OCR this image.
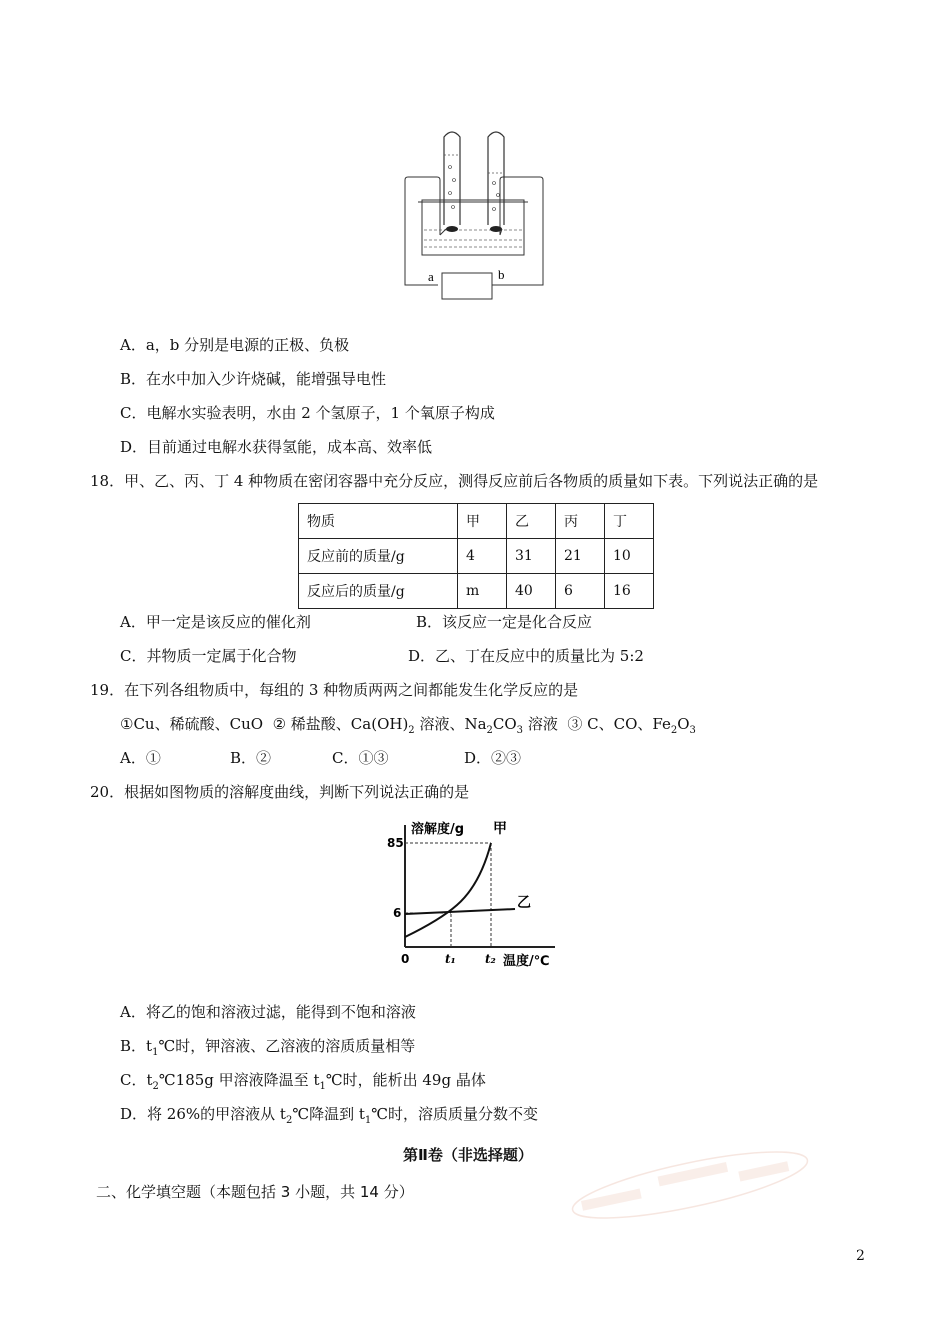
a	b
A．a，b 分别是电源的正极、负极
B．在水中加入少许烧碱，能增强导电性
C．电解水实验表明，水由 2 个氢原子，1 个氧原子构成
D．目前通过电解水获得氢能，成本高、效率低
18．甲、乙、丙、丁 4 种物质在密闭容器中充分反应，测得反应前后各物质的质量如下表。下列说法正确的是
物质	甲	乙	丙	丁
反应前的质量/g	4	31	21	10
反应后的质量/g	m	40	6	16
A．甲一定是该反应的催化剂	B．该反应一定是化合反应
C．丼物质一定属于化合物	D．乙、丁在反应中的质量比为 5:2
19．在下列各组物质中，每组的 3 种物质两两之间都能发生化学反应的是
①Cu、稀硫酸、CuO ② 稀盐酸、$Ca(OH)_2$ 溶液、$Na_2CO_3$ 溶液 ③ C、CO、$Fe_2O_3$
A．①	B．②	C．①③	D．②③
20．根据如图物质的溶解度曲线，判断下列说法正确的是
溶解度/g 甲
乙
85
6
0	t₁ t₂ 温度/℃
A．将乙的饱和溶液过滤，能得到不饱和溶液
B．$t_1℃$时，钾溶液、乙溶液的溶质质量相等
C．$t_2℃185g$ 甲溶液降温至 $t_1℃$时，能析出 49g 晶体
D．将 26%的甲溶液从 $t_2℃$降温到 $t_1℃$时，溶质质量分数不变
第Ⅱ卷（非选择题）
二、化学填空题（本题包括 3 小题，共 14 分）
2
